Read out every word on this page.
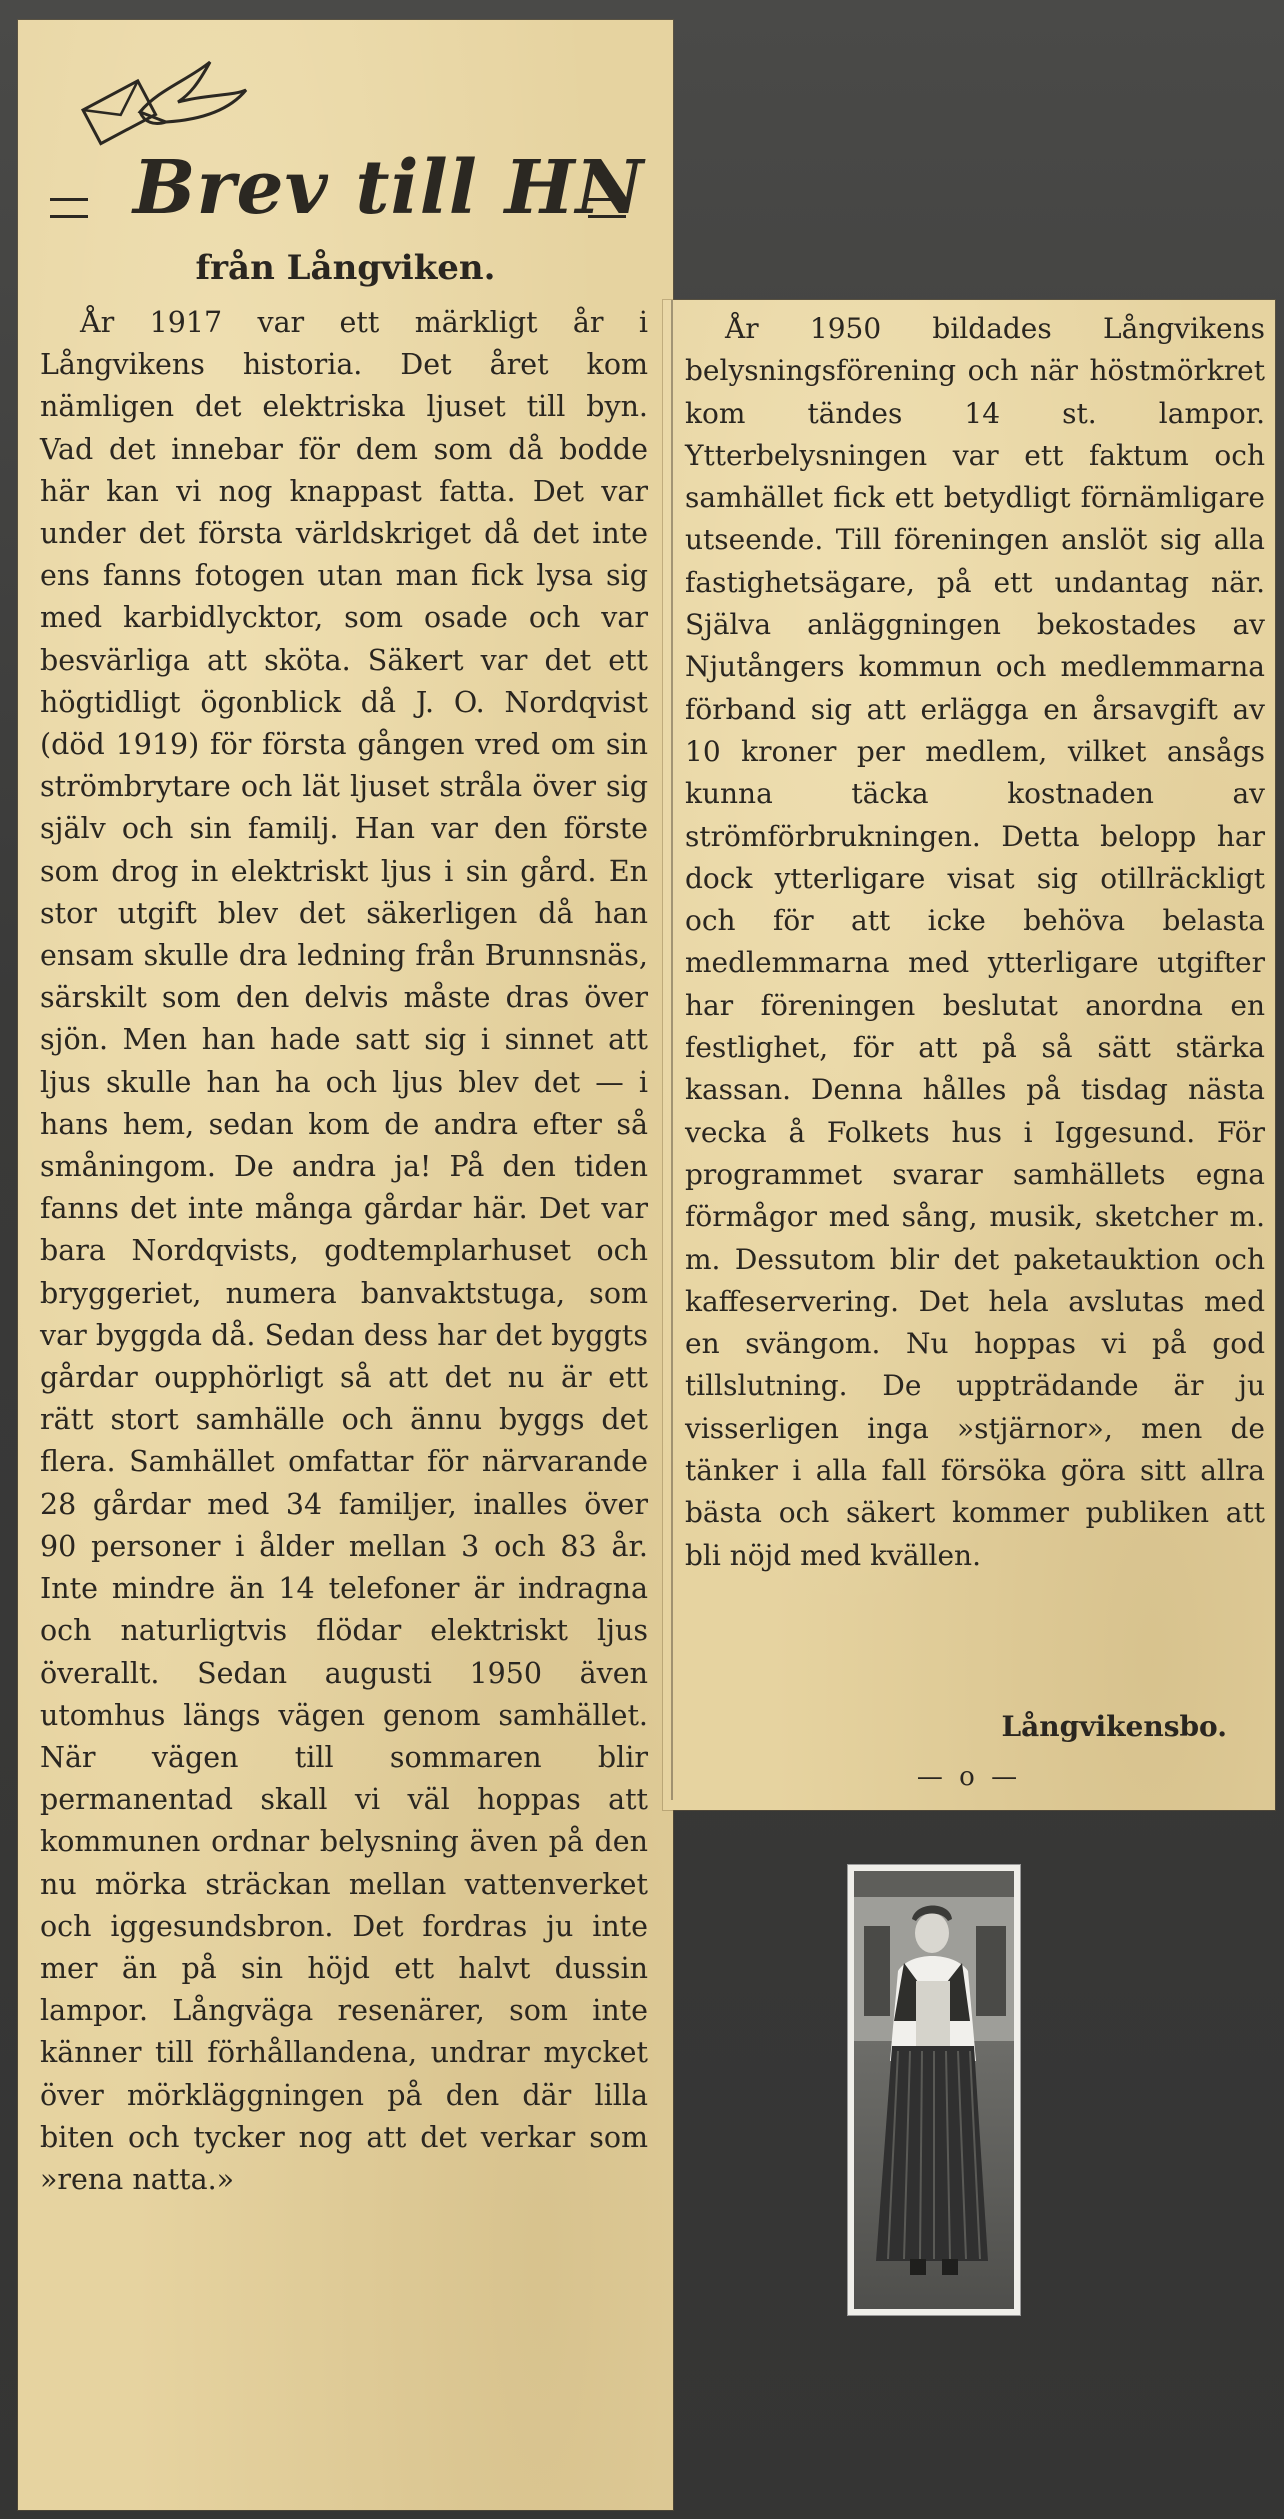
Brev till HN
från Långviken.

År 1917 var ett märkligt år i Långvikens historia. Det året kom nämligen det elektriska ljuset till byn. Vad det innebar för dem som då bodde här kan vi nog knappast fatta. Det var under det första världskriget då det inte ens fanns fotogen utan man fick lysa sig med karbidlycktor, som osade och var besvärliga att sköta. Säkert var det ett högtidligt ögonblick då J. O. Nordqvist (död 1919) för första gången vred om sin strömbrytare och lät ljuset stråla över sig själv och sin familj. Han var den förste som drog in elektriskt ljus i sin gård. En stor utgift blev det säkerligen då han ensam skulle dra ledning från Brunnsnäs, särskilt som den delvis måste dras över sjön. Men han hade satt sig i sinnet att ljus skulle han ha och ljus blev det — i hans hem, sedan kom de andra efter så småningom. De andra ja! På den tiden fanns det inte många gårdar här. Det var bara Nordqvists, godtemplarhuset och bryggeriet, numera banvaktstuga, som var byggda då. Sedan dess har det byggts gårdar oupphörligt så att det nu är ett rätt stort samhälle och ännu byggs det flera. Samhället omfattar för närvarande 28 gårdar med 34 familjer, inalles över 90 personer i ålder mellan 3 och 83 år. Inte mindre än 14 telefoner är indragna och naturligtvis flödar elektriskt ljus överallt. Sedan augusti 1950 även utomhus längs vägen genom samhället. När vägen till sommaren blir permanentad skall vi väl hoppas att kommunen ordnar belysning även på den nu mörka sträckan mellan vattenverket och iggesundsbron. Det fordras ju inte mer än på sin höjd ett halvt dussin lampor. Långväga resenärer, som inte känner till förhållandena, undrar mycket över mörkläggningen på den där lilla biten och tycker nog att det verkar som »rena natta.»

År 1950 bildades Långvikens belysningsförening och när höstmörkret kom tändes 14 st. lampor. Ytterbelysningen var ett faktum och samhället fick ett betydligt förnämligare utseende. Till föreningen anslöt sig alla fastighetsägare, på ett undantag när. Själva anläggningen bekostades av Njutångers kommun och medlemmarna förband sig att erlägga en årsavgift av 10 kroner per medlem, vilket ansågs kunna täcka kostnaden av strömförbrukningen. Detta belopp har dock ytterligare visat sig otillräckligt och för att icke behöva belasta medlemmarna med ytterligare utgifter har föreningen beslutat anordna en festlighet, för att på så sätt stärka kassan. Denna hålles på tisdag nästa vecka å Folkets hus i Iggesund. För programmet svarar samhällets egna förmågor med sång, musik, sketcher m. m. Dessutom blir det paketauktion och kaffeservering. Det hela avslutas med en svängom. Nu hoppas vi på god tillslutning. De uppträdande är ju visserligen inga »stjärnor», men de tänker i alla fall försöka göra sitt allra bästa och säkert kommer publiken att bli nöjd med kvällen.

Långvikensbo.
— o —
